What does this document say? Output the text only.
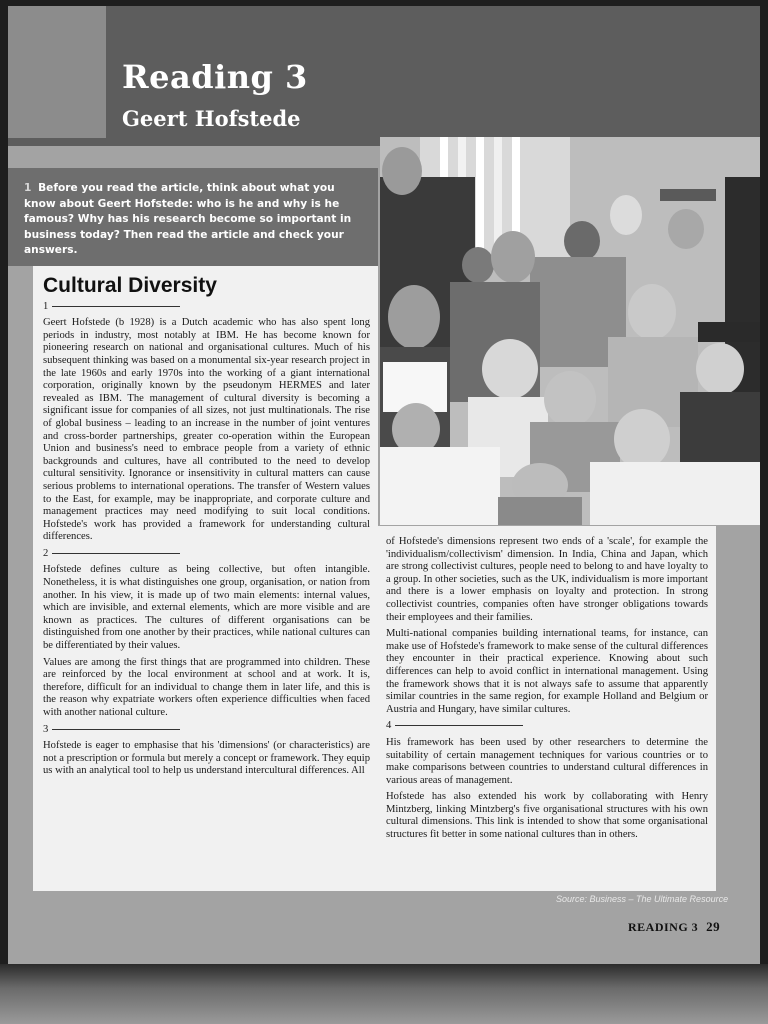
Reading 3
Geert Hofstede

1 Before you read the article, think about what you know about Geert Hofstede: who is he and why is he famous? Why has his research become so important in business today? Then read the article and check your answers.

Cultural Diversity
1

Geert Hofstede (b 1928) is a Dutch academic who has also spent long periods in industry, most notably at IBM. He has become known for pioneering research on national and organisational cultures. Much of his subsequent thinking was based on a monumental six-year research project in the late 1960s and early 1970s into the working of a giant international corporation, originally known by the pseudonym HERMES and later revealed as IBM. The management of cultural diversity is becoming a significant issue for companies of all sizes, not just multinationals. The rise of global business – leading to an increase in the number of joint ventures and cross-border partnerships, greater co-operation within the European Union and business's need to embrace people from a variety of ethnic backgrounds and cultures, have all contributed to the need to develop cultural sensitivity. Ignorance or insensitivity in cultural matters can cause serious problems to international operations. The transfer of Western values to the East, for example, may be inappropriate, and corporate culture and management practices may need modifying to suit local conditions. Hofstede's work has provided a framework for understanding cultural differences.

2

Hofstede defines culture as being collective, but often intangible. Nonetheless, it is what distinguishes one group, organisation, or nation from another. In his view, it is made up of two main elements: internal values, which are invisible, and external elements, which are more visible and are known as practices. The cultures of different organisations can be distinguished from one another by their practices, while national cultures can be differentiated by their values.

Values are among the first things that are programmed into children. These are reinforced by the local environment at school and at work. It is, therefore, difficult for an individual to change them in later life, and this is the reason why expatriate workers often experience difficulties when faced with another national culture.

3

Hofstede is eager to emphasise that his 'dimensions' (or characteristics) are not a prescription or formula but merely a concept or framework. They equip us with an analytical tool to help us understand intercultural differences. All

of Hofstede's dimensions represent two ends of a 'scale', for example the 'individualism/collectivism' dimension. In India, China and Japan, which are strong collectivist cultures, people need to belong to and have loyalty to a group. In other societies, such as the UK, individualism is more important and there is a lower emphasis on loyalty and protection. In strong collectivist countries, companies often have stronger obligations towards their employees and their families.

Multi-national companies building international teams, for instance, can make use of Hofstede's framework to make sense of the cultural differences they encounter in their practical experience. Knowing about such differences can help to avoid conflict in international management. Using the framework shows that it is not always safe to assume that apparently similar countries in the same region, for example Holland and Belgium or Austria and Hungary, have similar cultures.

4

His framework has been used by other researchers to determine the suitability of certain management techniques for various countries or to make comparisons between countries to understand cultural differences in various areas of management.

Hofstede has also extended his work by collaborating with Henry Mintzberg, linking Mintzberg's five organisational structures with his own cultural dimensions. This link is intended to show that some organisational structures fit better in some national cultures than in others.

Source: Business – The Ultimate Resource
READING 3 29
